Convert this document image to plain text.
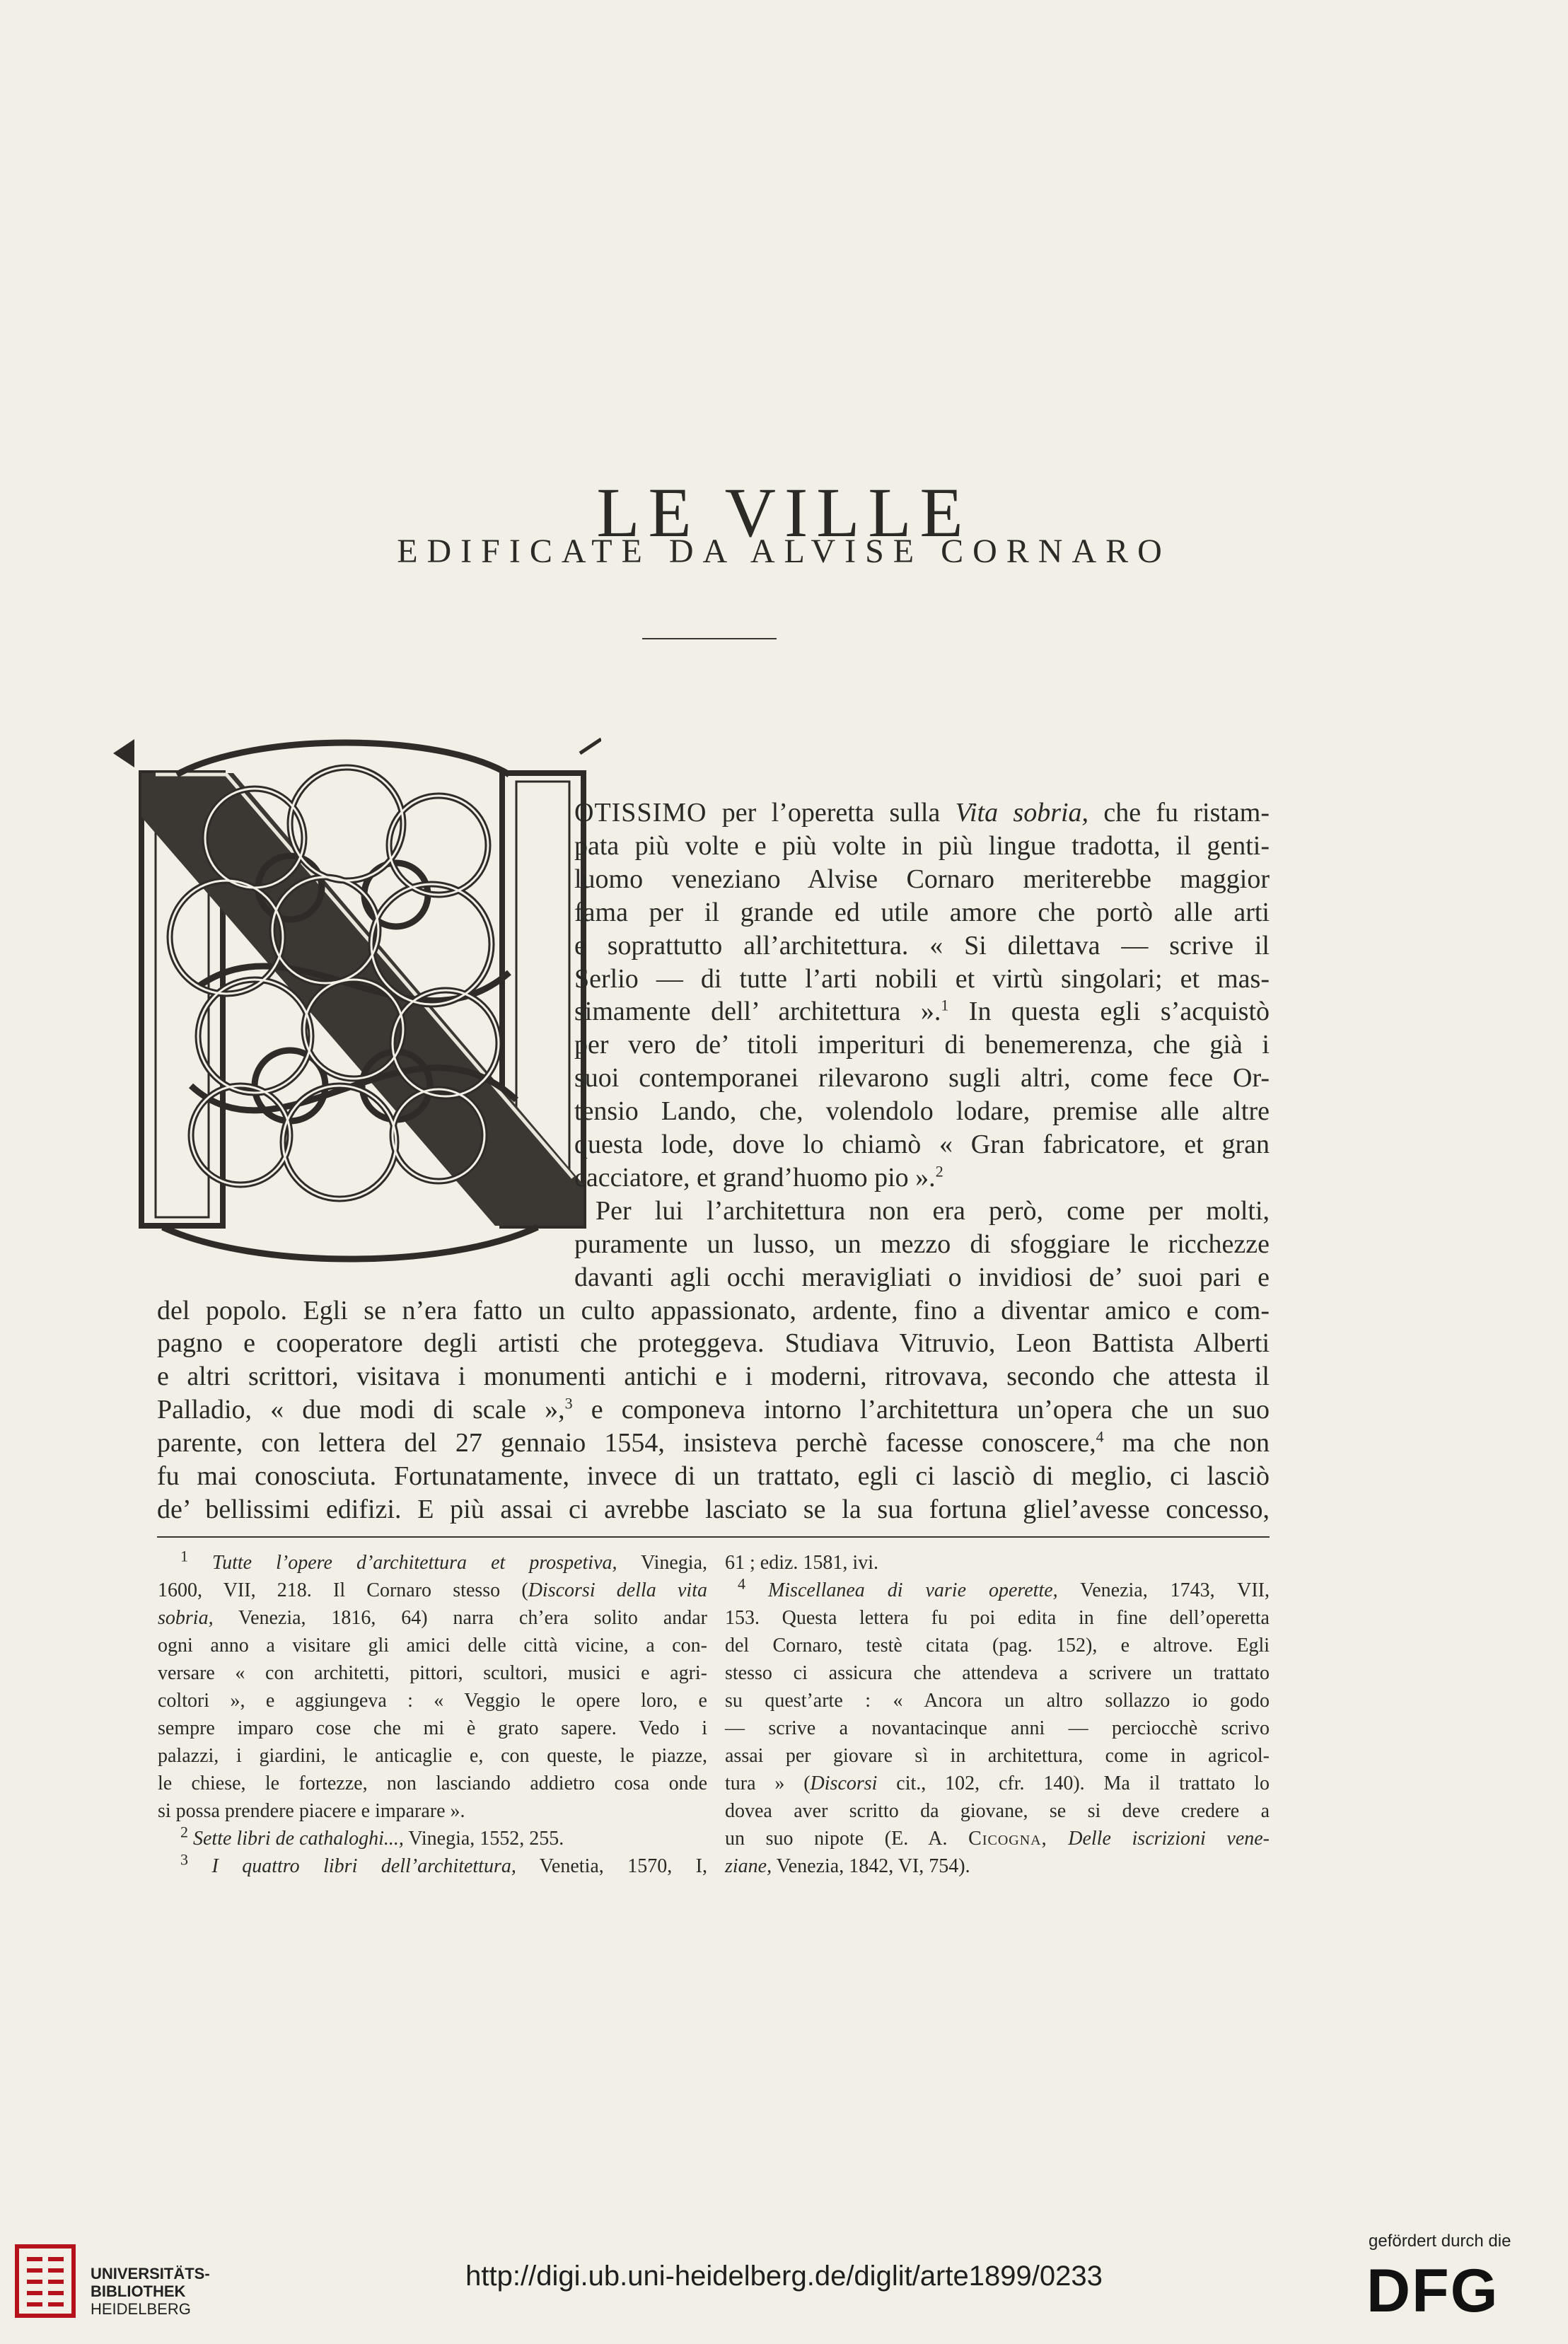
LE VILLE
EDIFICATE DA ALVISE CORNARO
OTISSIMO per l’operetta sulla Vita sobria, che fu ristam-
pata più volte e più volte in più lingue tradotta, il genti-
luomo veneziano Alvise Cornaro meriterebbe maggior
fama per il grande ed utile amore che portò alle arti
e soprattutto all’architettura. « Si dilettava — scrive il
Serlio — di tutte l’arti nobili et virtù singolari; et mas-
simamente dell’ architettura ».$^1$ In questa egli s’acquistò
per vero de’ titoli imperituri di benemerenza, che già i
suoi contemporanei rilevarono sugli altri, come fece Or-
tensio Lando, che, volendolo lodare, premise alle altre
questa lode, dove lo chiamò « Gran fabricatore, et gran
cacciatore, et grand’huomo pio ».$^2$
Per lui l’architettura non era però, come per molti,
puramente un lusso, un mezzo di sfoggiare le ricchezze
davanti agli occhi meravigliati o invidiosi de’ suoi pari e
del popolo. Egli se n’era fatto un culto appassionato, ardente, fino a diventar amico e com-
pagno e cooperatore degli artisti che proteggeva. Studiava Vitruvio, Leon Battista Alberti
e altri scrittori, visitava i monumenti antichi e i moderni, ritrovava, secondo che attesta il
Palladio, « due modi di scale »,$^3$ e componeva intorno l’architettura un’opera che un suo
parente, con lettera del 27 gennaio 1554, insisteva perchè facesse conoscere,$^4$ ma che non
fu mai conosciuta. Fortunatamente, invece di un trattato, egli ci lasciò di meglio, ci lasciò
de’ bellissimi edifizi. E più assai ci avrebbe lasciato se la sua fortuna gliel’avesse concesso,
$^1$ Tutte l’opere d’architettura et prospetiva, Vinegia,
1600, VII, 218. Il Cornaro stesso (Discorsi della vita
sobria, Venezia, 1816, 64) narra ch’era solito andar
ogni anno a visitare gli amici delle città vicine, a con-
versare « con architetti, pittori, scultori, musici e agri-
coltori », e aggiungeva : « Veggio le opere loro, e
sempre imparo cose che mi è grato sapere. Vedo i
palazzi, i giardini, le anticaglie e, con queste, le piazze,
le chiese, le fortezze, non lasciando addietro cosa onde
si possa prendere piacere e imparare ».
$^2$ Sette libri de cathaloghi..., Vinegia, 1552, 255.
$^3$ I quattro libri dell’architettura, Venetia, 1570, I,
61 ; ediz. 1581, ivi.
$^4$ Miscellanea di varie operette, Venezia, 1743, VII,
153. Questa lettera fu poi edita in fine dell’operetta
del Cornaro, testè citata (pag. 152), e altrove. Egli
stesso ci assicura che attendeva a scrivere un trattato
su quest’arte : « Ancora un altro sollazzo io godo
— scrive a novantacinque anni — perciocchè scrivo
assai per giovare sì in architettura, come in agricol-
tura » (Discorsi cit., 102, cfr. 140). Ma il trattato lo
dovea aver scritto da giovane, se si deve credere a
un suo nipote (E. A. Cicogna, Delle iscrizioni vene-
ziane, Venezia, 1842, VI, 754).
UNIVERSITÄTS-
BIBLIOTHEK
HEIDELBERG
http://digi.ub.uni-heidelberg.de/diglit/arte1899/0233
gefördert durch die
DFG
